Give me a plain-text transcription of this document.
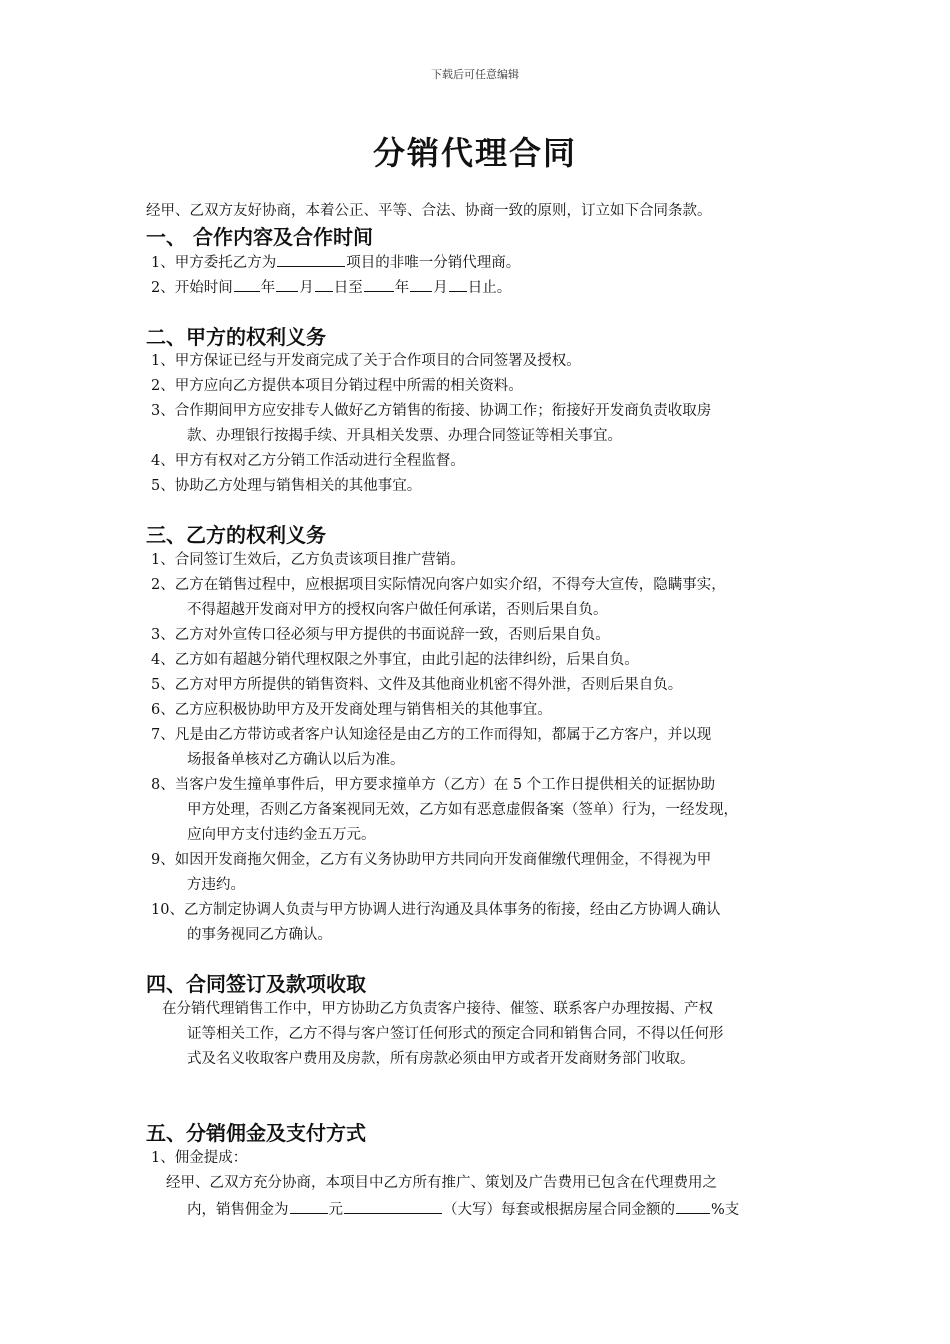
下载后可任意编辑
分销代理合同
经甲、乙双方友好协商，本着公正、平等、合法、协商一致的原则，订立如下合同条款。
一、 合作内容及合作时间
1、甲方委托乙方为	项目的非唯一分销代理商。
2、开始时间 年 月 日至 年 月 日止。
二、甲方的权利义务
1、甲方保证已经与开发商完成了关于合作项目的合同签署及授权。
2、甲方应向乙方提供本项目分销过程中所需的相关资料。
3、合作期间甲方应安排专人做好乙方销售的衔接、协调工作；衔接好开发商负责收取房
款、办理银行按揭手续、开具相关发票、办理合同签证等相关事宜。
4、甲方有权对乙方分销工作活动进行全程监督。
5、协助乙方处理与销售相关的其他事宜。
三、乙方的权利义务
1、合同签订生效后，乙方负责该项目推广营销。
2、乙方在销售过程中，应根据项目实际情况向客户如实介绍，不得夸大宣传，隐瞒事实，
不得超越开发商对甲方的授权向客户做任何承诺，否则后果自负。
3、乙方对外宣传口径必须与甲方提供的书面说辞一致，否则后果自负。
4、乙方如有超越分销代理权限之外事宜，由此引起的法律纠纷，后果自负。
5、乙方对甲方所提供的销售资料、文件及其他商业机密不得外泄，否则后果自负。
6、乙方应积极协助甲方及开发商处理与销售相关的其他事宜。
7、凡是由乙方带访或者客户认知途径是由乙方的工作而得知，都属于乙方客户，并以现
场报备单核对乙方确认以后为准。
8、当客户发生撞单事件后，甲方要求撞单方（乙方）在 5 个工作日提供相关的证据协助
甲方处理，否则乙方备案视同无效，乙方如有恶意虚假备案（签单）行为，一经发现，
应向甲方支付违约金五万元。
9、如因开发商拖欠佣金，乙方有义务协助甲方共同向开发商催缴代理佣金，不得视为甲
方违约。
10、乙方制定协调人负责与甲方协调人进行沟通及具体事务的衔接，经由乙方协调人确认
的事务视同乙方确认。
四、合同签订及款项收取
在分销代理销售工作中，甲方协助乙方负责客户接待、催签、联系客户办理按揭、产权
证等相关工作，乙方不得与客户签订任何形式的预定合同和销售合同，不得以任何形
式及名义收取客户费用及房款，所有房款必须由甲方或者开发商财务部门收取。
五、分销佣金及支付方式
1、佣金提成：
经甲、乙双方充分协商，本项目中乙方所有推广、策划及广告费用已包含在代理费用之
内，销售佣金为	元	（大写）每套或根据房屋合同金额的 %支
